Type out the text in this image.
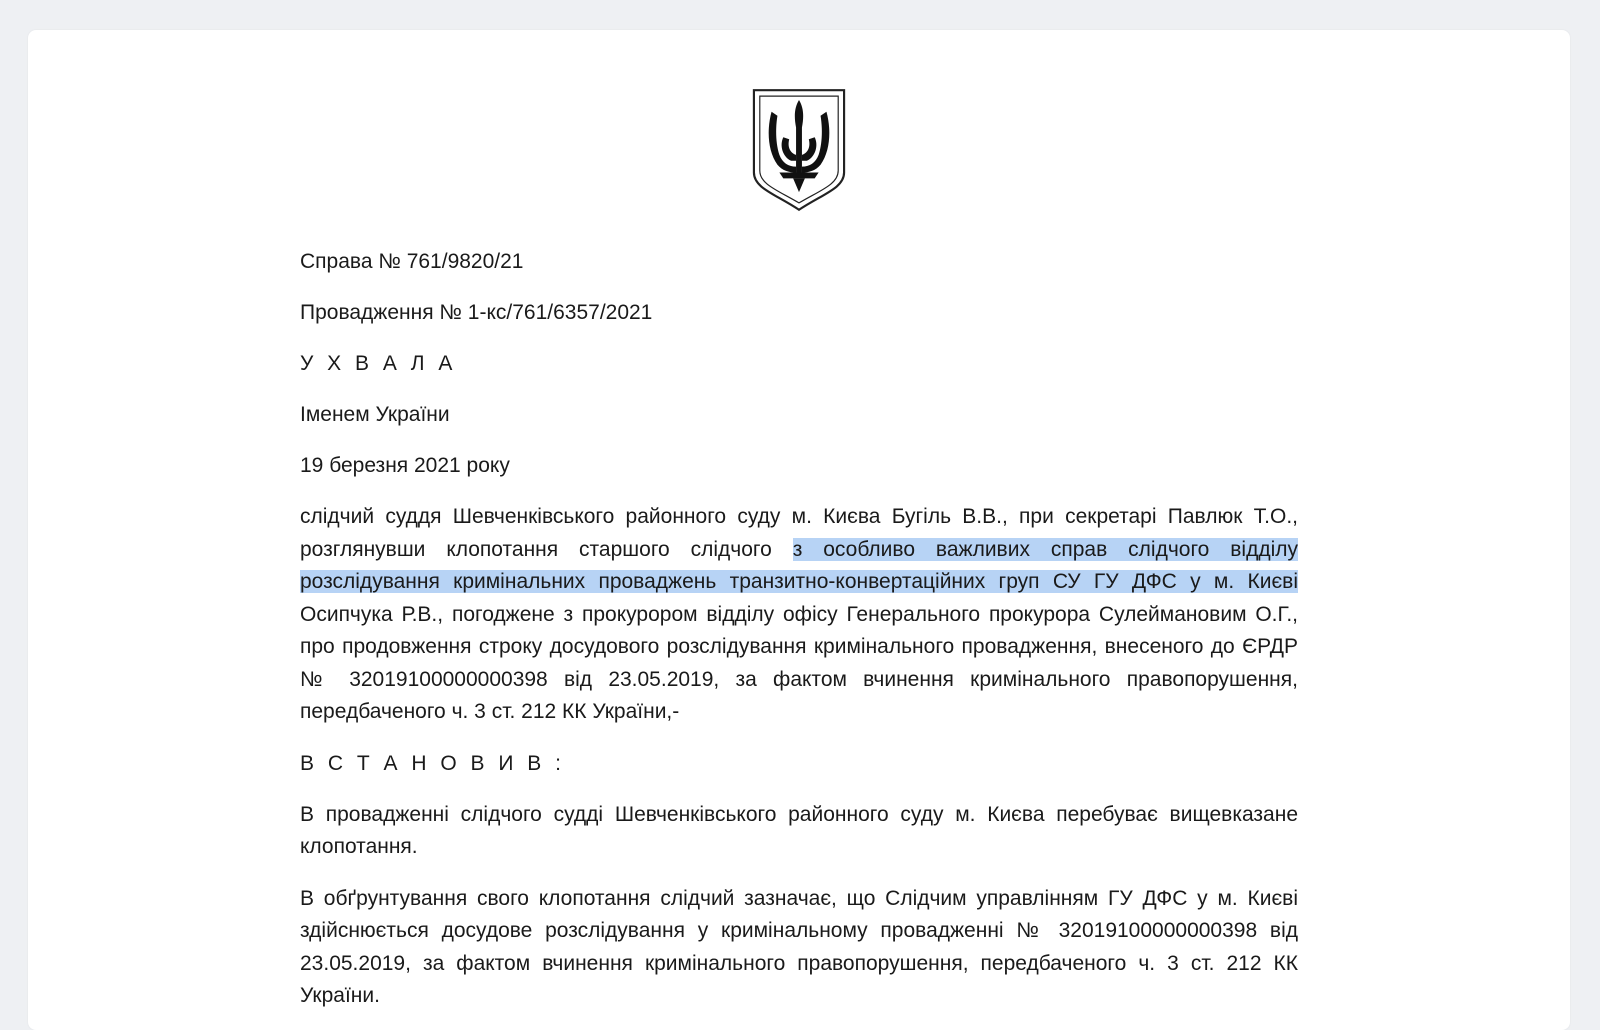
Справа № 761/9820/21

Провадження № 1-кс/761/6357/2021

У Х В А Л А

Іменем України

19 березня 2021 року

слідчий суддя Шевченківського районного суду м. Києва Бугіль В.В., при секретарі Павлюк Т.О., розглянувши клопотання старшого слідчого з особливо важливих справ слідчого відділу розслідування кримінальних проваджень транзитно-конвертаційних груп СУ ГУ ДФС у м. Києві Осипчука Р.В., погоджене з прокурором відділу офісу Генерального прокурора Сулеймановим О.Г., про продовження строку досудового розслідування кримінального провадження, внесеного до ЄРДР № 32019100000000398 від 23.05.2019, за фактом вчинення кримінального правопорушення, передбаченого ч. 3 ст. 212 КК України,-

В С Т А Н О В И В :

В провадженні слідчого судді Шевченківського районного суду м. Києва перебуває вищевказане клопотання.

В обґрунтування свого клопотання слідчий зазначає, що Слідчим управлінням ГУ ДФС у м. Києві здійснюється досудове розслідування у кримінальному провадженні № 32019100000000398 від 23.05.2019, за фактом вчинення кримінального правопорушення, передбаченого ч. 3 ст. 212 КК України.
